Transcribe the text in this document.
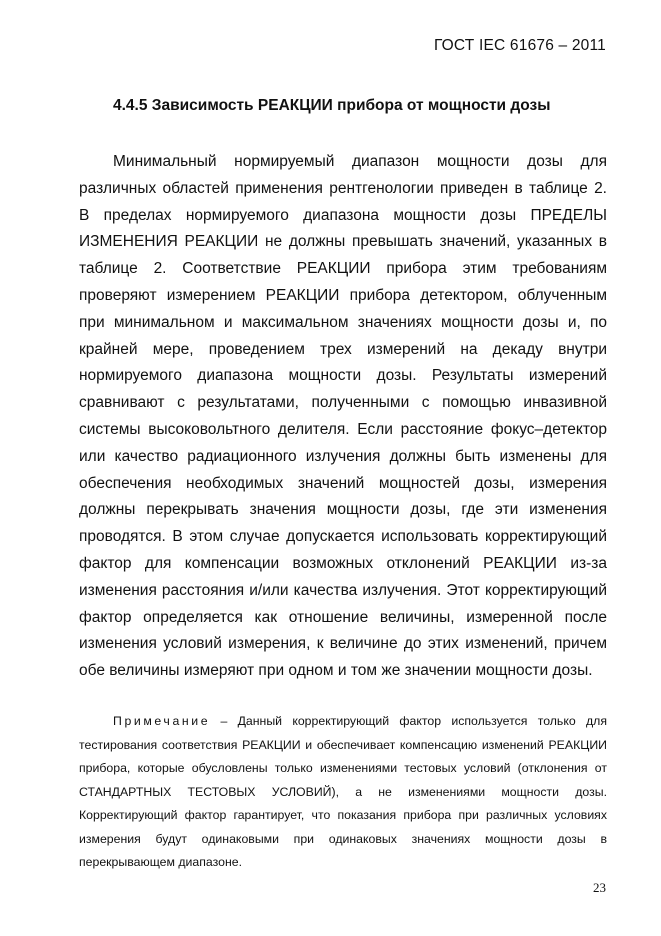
ГОСТ IEC 61676 – 2011
4.4.5 Зависимость РЕАКЦИИ прибора от мощности дозы

Минимальный нормируемый диапазон мощности дозы для различных областей применения рентгенологии приведен в таблице 2. В пределах нормируемого диапазона мощности дозы ПРЕДЕЛЫ ИЗМЕНЕНИЯ РЕАКЦИИ не должны превышать значений, указанных в таблице 2. Соответствие РЕАКЦИИ прибора этим требованиям проверяют измерением РЕАКЦИИ прибора детектором, облученным при минимальном и максимальном значениях мощности дозы и, по крайней мере, проведением трех измерений на декаду внутри нормируемого диапазона мощности дозы. Результаты измерений сравнивают с результатами, полученными с помощью инвазивной системы высоковольтного делителя. Если расстояние фокус–детектор или качество радиационного излучения должны быть изменены для обеспечения необходимых значений мощностей дозы, измерения должны перекрывать значения мощности дозы, где эти изменения проводятся. В этом случае допускается использовать корректирующий фактор для компенсации возможных отклонений РЕАКЦИИ из-за изменения расстояния и/или качества излучения. Этот корректирующий фактор определяется как отношение величины, измеренной после изменения условий измерения, к величине до этих изменений, причем обе величины измеряют при одном и том же значении мощности дозы.

Примечание – Данный корректирующий фактор используется только для тестирования соответствия РЕАКЦИИ и обеспечивает компенсацию изменений РЕАКЦИИ прибора, которые обусловлены только изменениями тестовых условий (отклонения от СТАНДАРТНЫХ ТЕСТОВЫХ УСЛОВИЙ), а не изменениями мощности дозы. Корректирующий фактор гарантирует, что показания прибора при различных условиях измерения будут одинаковыми при одинаковых значениях мощности дозы в перекрывающем диапазоне.

23
